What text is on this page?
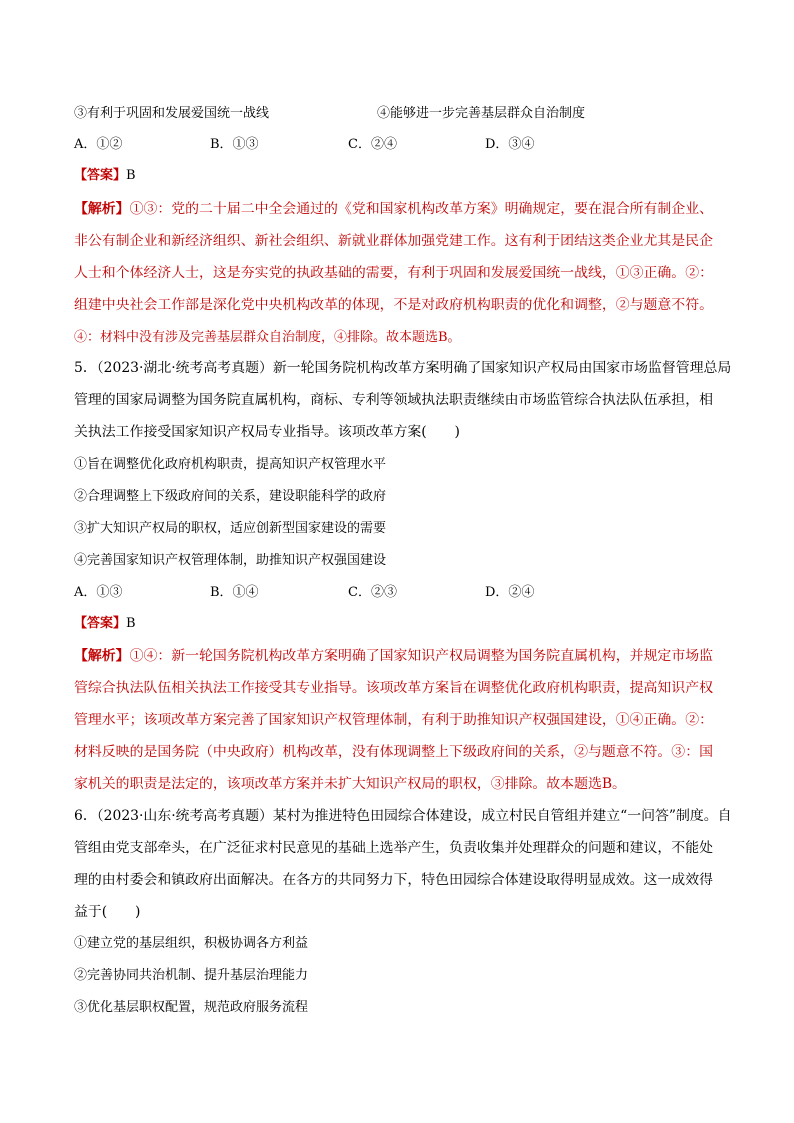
③有利于巩固和发展爱国统一战线	④能够进一步完善基层群众自治制度
A．①②	B．①③	C．②④	D．③④
【答案】B
【解析】①③：党的二十届二中全会通过的《党和国家机构改革方案》明确规定，要在混合所有制企业、
非公有制企业和新经济组织、新社会组织、新就业群体加强党建工作。这有利于团结这类企业尤其是民企
人士和个体经济人士，这是夯实党的执政基础的需要，有利于巩固和发展爱国统一战线，①③正确。②：
组建中央社会工作部是深化党中央机构改革的体现，不是对政府机构职责的优化和调整，②与题意不符。
④：材料中没有涉及完善基层群众自治制度，④排除。故本题选B。
5．（2023·湖北·统考高考真题）新一轮国务院机构改革方案明确了国家知识产权局由国家市场监督管理总局
管理的国家局调整为国务院直属机构，商标、专利等领域执法职责继续由市场监管综合执法队伍承担，相
关执法工作接受国家知识产权局专业指导。该项改革方案(　　)
①旨在调整优化政府机构职责，提高知识产权管理水平
②合理调整上下级政府间的关系，建设职能科学的政府
③扩大知识产权局的职权，适应创新型国家建设的需要
④完善国家知识产权管理体制，助推知识产权强国建设
A．①③	B．①④	C．②③	D．②④
【答案】B
【解析】①④：新一轮国务院机构改革方案明确了国家知识产权局调整为国务院直属机构，并规定市场监
管综合执法队伍相关执法工作接受其专业指导。该项改革方案旨在调整优化政府机构职责，提高知识产权
管理水平；该项改革方案完善了国家知识产权管理体制，有利于助推知识产权强国建设，①④正确。②：
材料反映的是国务院（中央政府）机构改革，没有体现调整上下级政府间的关系，②与题意不符。③：国
家机关的职责是法定的，该项改革方案并未扩大知识产权局的职权，③排除。故本题选B。
6．（2023·山东·统考高考真题）某村为推进特色田园综合体建设，成立村民自管组并建立“一问答”制度。自
管组由党支部牵头，在广泛征求村民意见的基础上选举产生，负责收集并处理群众的问题和建议，不能处
理的由村委会和镇政府出面解决。在各方的共同努力下，特色田园综合体建设取得明显成效。这一成效得
益于(　　)
①建立党的基层组织，积极协调各方利益
②完善协同共治机制、提升基层治理能力
③优化基层职权配置，规范政府服务流程
